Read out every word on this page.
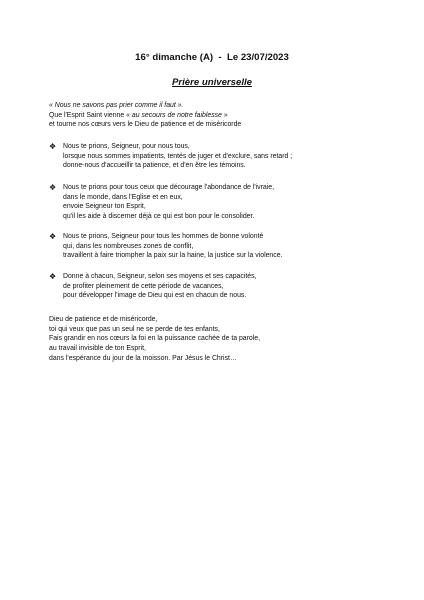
16° dimanche (A)  -  Le 23/07/2023
Prière universelle
« Nous ne savons pas prier comme il faut ».
Que l'Esprit Saint vienne « au secours de notre faiblesse »
et tourne nos cœurs vers le Dieu de patience et de miséricorde
❖ Nous te prions, Seigneur, pour nous tous,
lorsque nous sommes impatients, tentés de juger et d'exclure, sans retard ;
donne-nous d'accueillir ta patience, et d'en être les témoins.
❖ Nous te prions pour tous ceux que décourage l'abondance de l'ivraie,
dans le monde, dans l'Eglise et en eux,
envoie Seigneur ton Esprit,
qu'il les aide à discerner déjà ce qui est bon pour le consolider.
❖ Nous te prions, Seigneur pour tous les hommes de bonne volonté
qui, dans les nombreuses zones de conflit,
travaillent à faire triompher la paix sur la haine, la justice sur la violence.
❖ Donne à chacun, Seigneur, selon ses moyens et ses capacités,
de profiter pleinement de cette période de vacances,
pour développer l'image de Dieu qui est en chacun de nous.
Dieu de patience et de miséricorde,
toi qui veux que pas un seul ne se perde de tes enfants,
Fais grandir en nos cœurs la foi en la puissance cachée de ta parole,
au travail invisible de ton Esprit,
dans l'espérance du jour de la moisson. Par Jésus le Christ…
